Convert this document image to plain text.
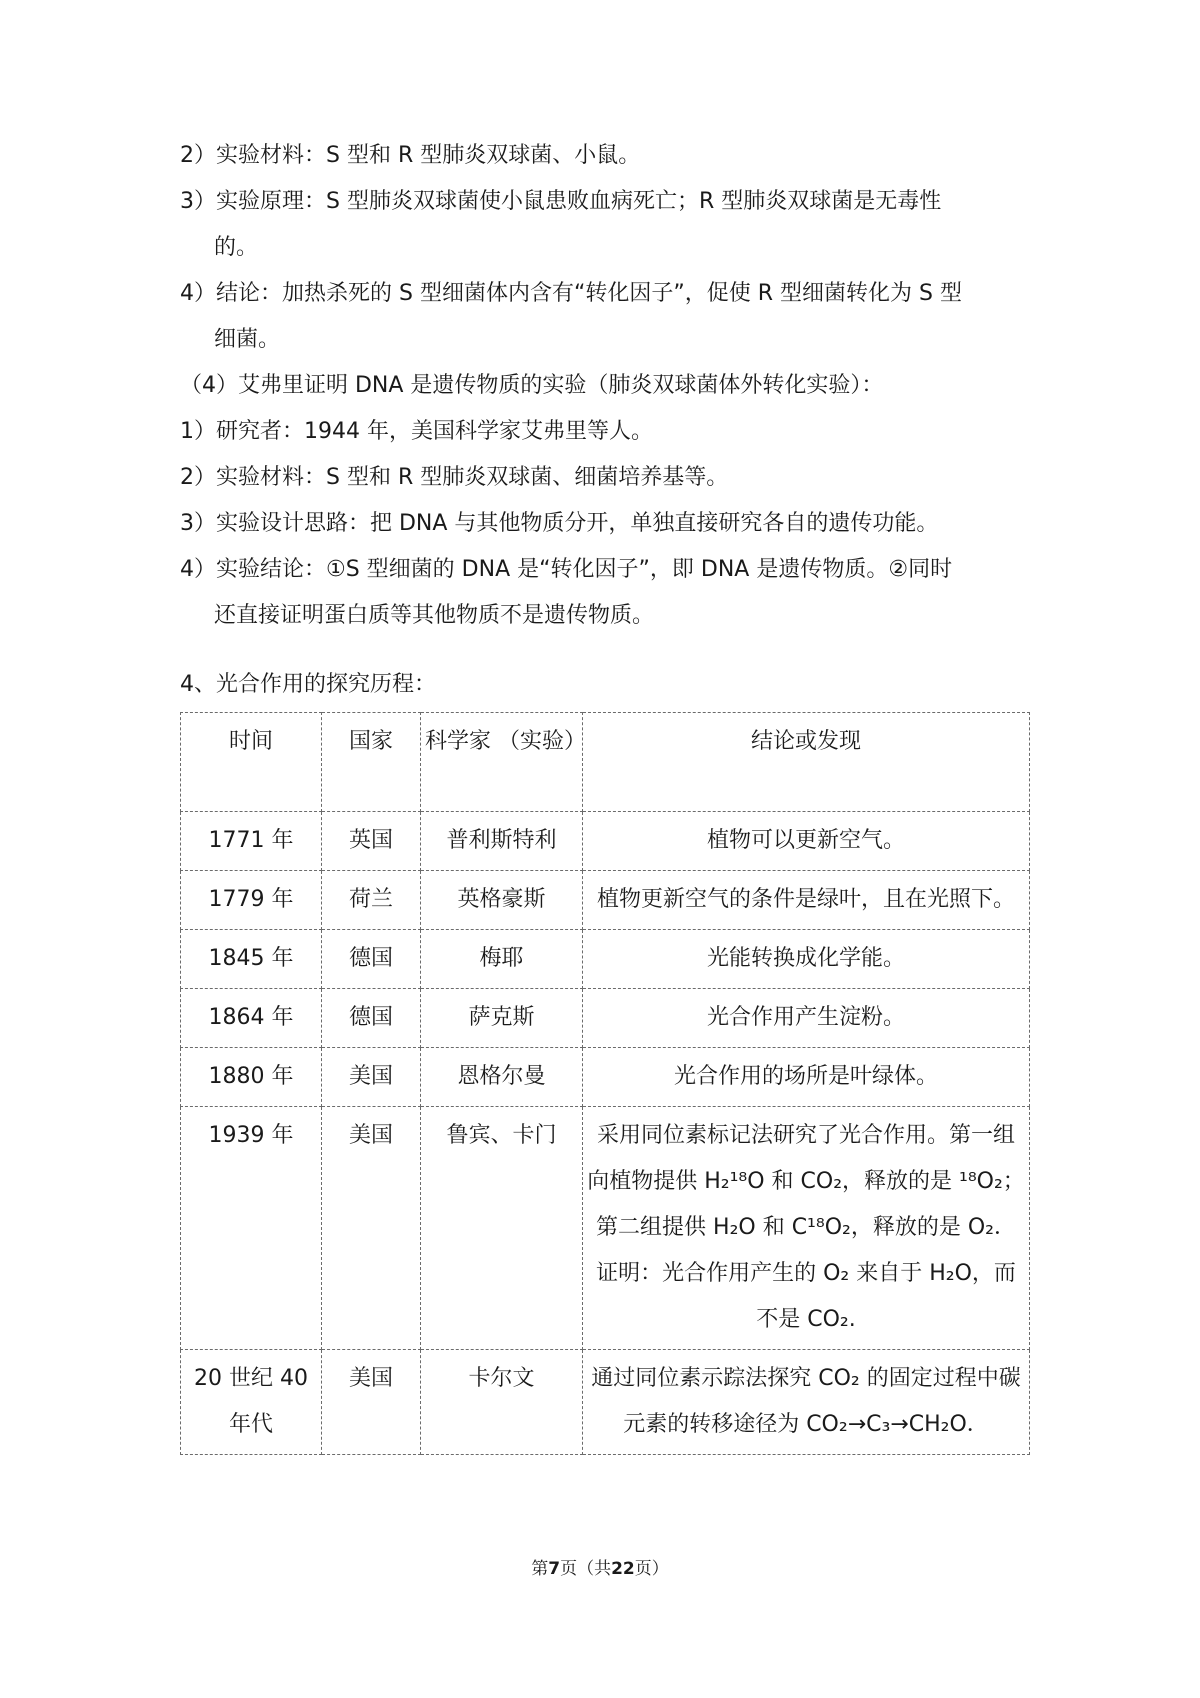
2）实验材料：S 型和 R 型肺炎双球菌、小鼠。

3）实验原理：S 型肺炎双球菌使小鼠患败血病死亡；R 型肺炎双球菌是无毒性
的。

4）结论：加热杀死的 S 型细菌体内含有“转化因子”，促使 R 型细菌转化为 S 型
细菌。

（4）艾弗里证明 DNA 是遗传物质的实验（肺炎双球菌体外转化实验）：

1）研究者：1944 年，美国科学家艾弗里等人。

2）实验材料：S 型和 R 型肺炎双球菌、细菌培养基等。

3）实验设计思路：把 DNA 与其他物质分开，单独直接研究各自的遗传功能。

4）实验结论：①S 型细菌的 DNA 是“转化因子”，即 DNA 是遗传物质。②同时
还直接证明蛋白质等其他物质不是遗传物质。

4、光合作用的探究历程：

时间	国家	科学家 （实验）	结论或发现
1771 年	英国	普利斯特利	植物可以更新空气。
1779 年	荷兰	英格豪斯	植物更新空气的条件是绿叶，且在光照下。
1845 年	德国	梅耶	光能转换成化学能。
1864 年	德国	萨克斯	光合作用产生淀粉。
1880 年	美国	恩格尔曼	光合作用的场所是叶绿体。
1939 年	美国	鲁宾、卡门	采用同位素标记法研究了光合作用。第一组向植物提供 H₂¹⁸O 和 CO₂，释放的是 ¹⁸O₂；第二组提供 H₂O 和 C¹⁸O₂，释放的是 O₂．证明：光合作用产生的 O₂ 来自于 H₂O，而不是 CO₂.
20 世纪 40 年代	美国	卡尔文	通过同位素示踪法探究 CO₂ 的固定过程中碳元素的转移途径为 CO₂→C₃→CH₂O．
第7页（共22页）
